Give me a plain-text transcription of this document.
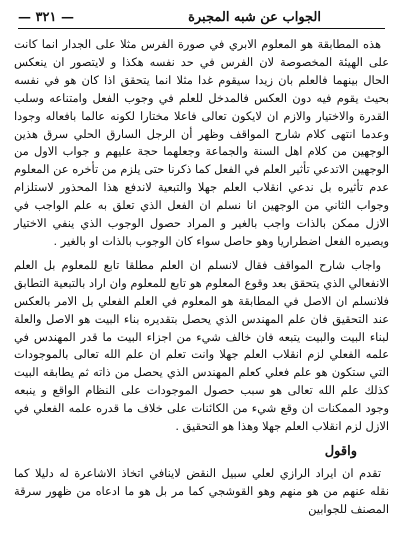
الجواب عن شبه المجبرة
— ٣٢١ —

هذه المطابقة هو المعلوم الابري في صورة الفرس مثلا على الجدار انما كانت على الهيئة المخصوصة لان الفرس في حد نفسه هكذا و لايتصور ان ينعكس الحال بينهما فالعلم بان زيدا سيقوم غدا مثلا انما يتحقق اذا كان هو في نفسه بحيث يقوم فيه دون العكس فالمدخل للعلم في وجوب الفعل وامتناعه وسلب القدرة والاختيار والازم ان لايكون تعالى فاعلا مختارا لكونه عالما بافعاله وجودا وعدما انتهى كلام شارح المواقف وظهر أن الرجل السارق الحلي سرق هذين الوجهين من كلام اهل السنة والجماعة وجعلهما حجة عليهم و جواب الاول من الوجهين الاتدعي تأثير العلم في الفعل كما ذكرنا حتى يلزم من تأخره عن المعلوم عدم تأثيره بل ندعي انقلاب العلم جهلا والتبعية لاندفع هذا المحذور لاستلزام وجواب الثاني من الوجهين انا نسلم ان الفعل الذي تعلق به علم الواجب في الازل ممكن بالذات واجب بالغير و المراد حصول الوجوب الذي ينفي الاختيار ويصيره الفعل اضطراريا وهو حاصل سواء كان الوجوب بالذات او بالغير .

واجاب شارح المواقف فقال لانسلم ان العلم مطلقا تابع للمعلوم بل العلم الانفعالي الذي يتحقق بعد وقوع المعلوم هو تابع للمعلوم وان اراد بالتبعية التطابق فلانسلم ان الاصل في المطابقة هو المعلوم في العلم الفعلي بل الامر بالعكس عند التحقيق فان علم المهندس الذي يحصل بتقديره بناء البيت هو الاصل والعلة لبناء البيت والبيت يتبعه فان خالف شيء من اجزاء البيت ما قدر المهندس في علمه الفعلي لزم انقلاب العلم جهلا وانت تعلم ان علم الله تعالى بالموجودات التي ستكون هو علم فعلي كعلم المهندس الذي يحصل من ذاته ثم يطابقه البيت كذلك علم الله تعالى هو سبب حصول الموجودات على النظام الواقع و ينبعه وجود الممكنات ان وقع شيء من الكائنات على خلاف ما قدره علمه الفعلي في الازل لزم انقلاب العلم جهلا وهذا هو التحقيق .

واقول

تقدم ان ايراد الرازي لعلي سبيل النقض لاينافي اتخاذ الاشاعرة له دليلا كما نقله عنهم من هو منهم وهو القوشجي كما مر بل هو ما ادعاه من ظهور سرقة المصنف للجوابين
